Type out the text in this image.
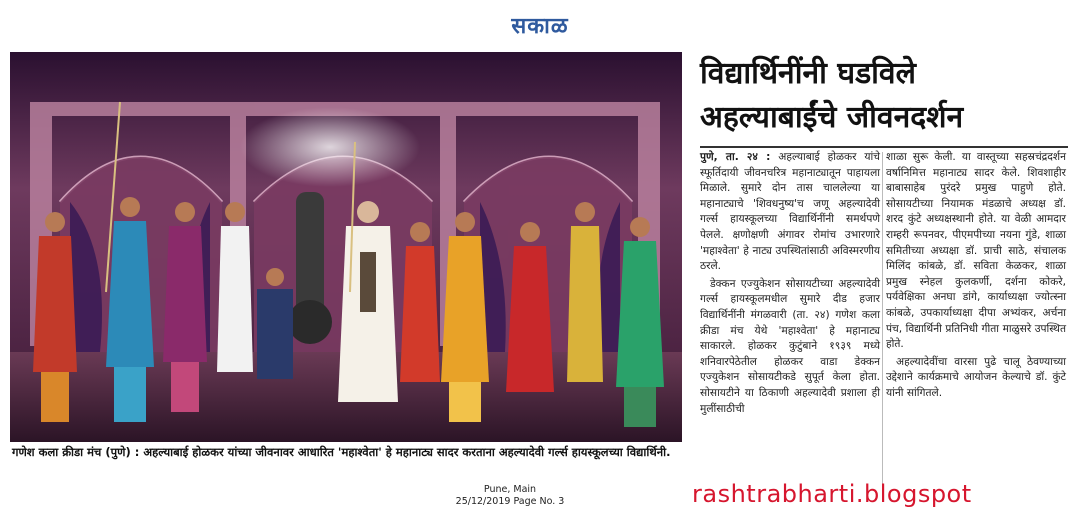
सकाळ
गणेश कला क्रीडा मंच (पुणे) : अहल्याबाई होळकर यांच्या जीवनावर आधारित 'महाश्वेता' हे महानाट्य सादर करताना अहल्यादेवी गर्ल्स हायस्कूलच्या विद्यार्थिनी.
विद्यार्थिनींनी घडविले
अहल्याबाईंचे जीवनदर्शन

पुणे, ता. २४ : अहल्याबाई होळकर यांचे स्फूर्तिदायी जीवनचरित्र महानाट्यातून पाहायला मिळाले. सुमारे दोन तास चाललेल्या या महानाट्याचे 'शिवधनुष्य'च जणू अहल्यादेवी गर्ल्स हायस्कूलच्या विद्यार्थिनींनी समर्थपणे पेलले. क्षणोक्षणी अंगावर रोमांच उभारणारे 'महाश्वेता' हे नाट्य उपस्थितांसाठी अविस्मरणीय ठरले.

डेक्कन एज्युकेशन सोसायटीच्या अहल्यादेवी गर्ल्स हायस्कूलमधील सुमारे दीड हजार विद्यार्थिनींनी मंगळवारी (ता. २४) गणेश कला क्रीडा मंच येथे 'महाश्वेता' हे महानाट्य साकारले. होळकर कुटुंबाने १९३९ मध्ये शनिवारपेठेतील होळकर वाडा डेक्कन एज्युकेशन सोसायटीकडे सुपूर्त केला होता. सोसायटीने या ठिकाणी अहल्यादेवी प्रशाला ही मुलींसाठीची

शाळा सुरू केली. या वास्तूच्या सहस्रचंद्रदर्शन वर्षानिमित्त महानाट्य सादर केले. शिवशाहीर बाबासाहेब पुरंदरे प्रमुख पाहुणे होते. सोसायटीच्या नियामक मंडळाचे अध्यक्ष डॉ. शरद कुंटे अध्यक्षस्थानी होते. या वेळी आमदार राम्हरी रूपनवर, पीएमपीच्या नयना गुंडे, शाळा समितीच्या अध्यक्षा डॉ. प्राची साठे, संचालक मिलिंद कांबळे, डॉ. सविता केळकर, शाळा प्रमुख स्नेहल कुलकर्णी, दर्शना कोकरे, पर्यवेक्षिका अनघा डांगे, कार्याध्यक्षा ज्योत्स्ना कांबळे, उपकार्याध्यक्षा दीपा अभ्यंकर, अर्चना पंच, विद्यार्थिनी प्रतिनिधी गीता माळुसरे उपस्थित होते.

अहल्यादेवींचा वारसा पुढे चालू ठेवण्याच्या उद्देशाने कार्यक्रमाचे आयोजन केल्याचे डॉ. कुंटे यांनी सांगितले.

Pune, Main
25/12/2019 Page No. 3	rashtrabharti.blogspot
